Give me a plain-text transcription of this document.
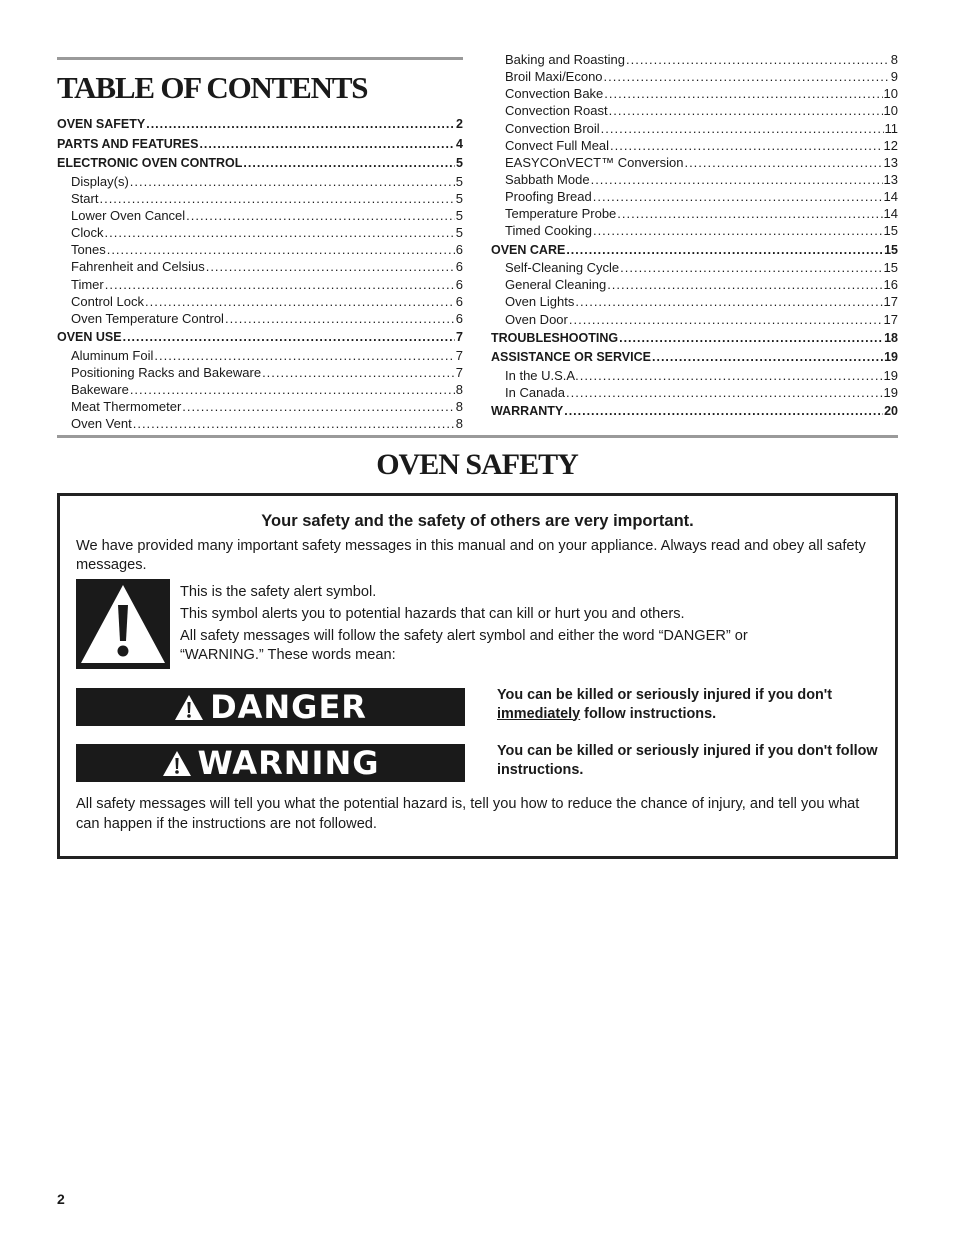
TABLE OF CONTENTS
OVEN SAFETY .....	2
PARTS AND FEATURES .....	4
ELECTRONIC OVEN CONTROL .....	5
Display(s) .....	5
Start .....	5
Lower Oven Cancel .....	5
Clock .....	5
Tones .....	6
Fahrenheit and Celsius .....	6
Timer .....	6
Control Lock .....	6
Oven Temperature Control .....	6
OVEN USE .....	7
Aluminum Foil .....	7
Positioning Racks and Bakeware .....	7
Bakeware .....	8
Meat Thermometer .....	8
Oven Vent .....	8
Baking and Roasting .....	8
Broil Maxi/Econo .....	9
Convection Bake .....	10
Convection Roast .....	10
Convection Broil .....	11
Convect Full Meal .....	12
EASYCOnVECT™ Conversion .....	13
Sabbath Mode .....	13
Proofing Bread .....	14
Temperature Probe .....	14
Timed Cooking .....	15
OVEN CARE .....	15
Self-Cleaning Cycle .....	15
General Cleaning .....	16
Oven Lights .....	17
Oven Door .....	17
TROUBLESHOOTING .....	18
ASSISTANCE OR SERVICE .....	19
In the U.S.A. .....	19
In Canada .....	19
WARRANTY .....	20
OVEN SAFETY

Your safety and the safety of others are very important.

We have provided many important safety messages in this manual and on your appliance. Always read and obey all safety messages.

This is the safety alert symbol.

This symbol alerts you to potential hazards that can kill or hurt you and others.

All safety messages will follow the safety alert symbol and either the word “DANGER” or “WARNING.” These words mean:

DANGER	You can be killed or seriously injured if you don't immediately follow instructions.

WARNING	You can be killed or seriously injured if you don't follow instructions.

All safety messages will tell you what the potential hazard is, tell you how to reduce the chance of injury, and tell you what can happen if the instructions are not followed.

2
